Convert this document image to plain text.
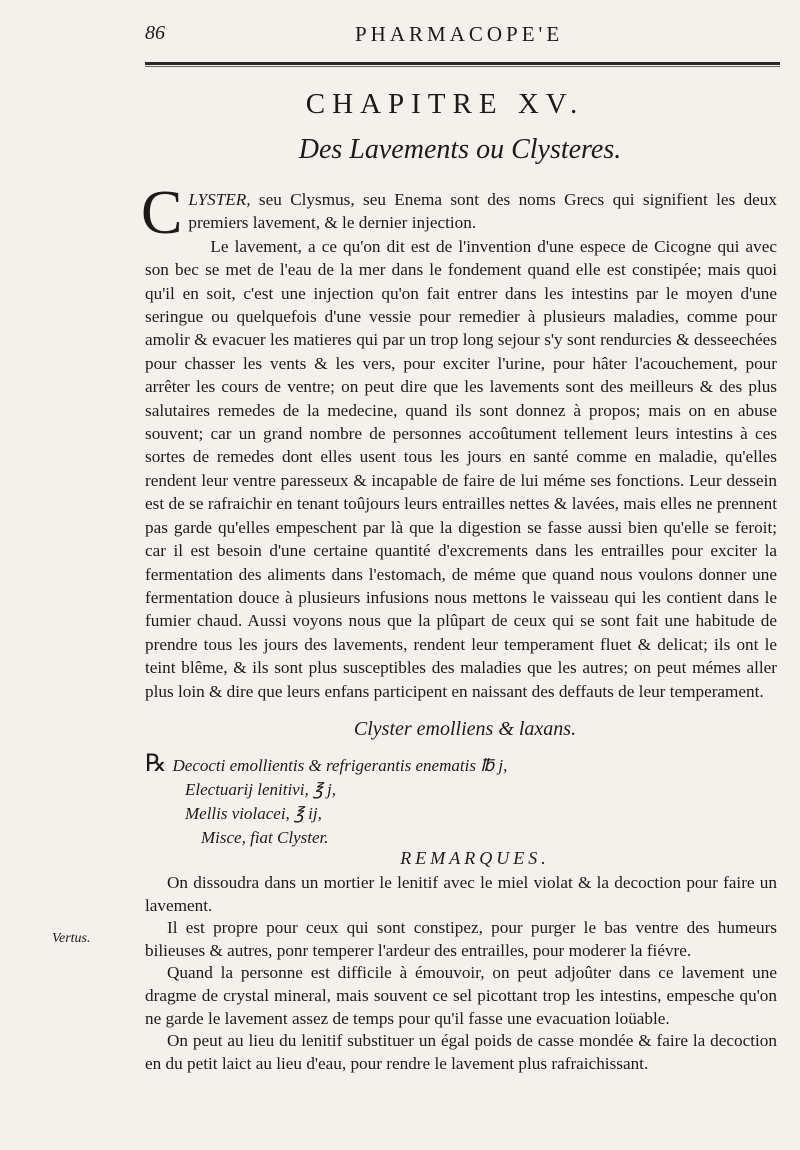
86	PHARMACOPE'E
CHAPITRE XV.
Des Lavements ou Clysteres.

CLYSTER, seu Clysmus, seu Enema sont des noms Grecs qui signifient les deux premiers lavement, & le dernier injection.

Le lavement, a ce qu'on dit est de l'invention d'une espece de Cicogne qui avec son bec se met de l'eau de la mer dans le fondement quand elle est constipée; mais quoi qu'il en soit, c'est une injection qu'on fait entrer dans les intestins par le moyen d'une seringue ou quelquefois d'une vessie pour remedier à plusieurs maladies, comme pour amolir & evacuer les matieres qui par un trop long sejour s'y sont rendurcies & desseechées pour chasser les vents & les vers, pour exciter l'urine, pour hâter l'acouchement, pour arrêter les cours de ventre; on peut dire que les lavements sont des meilleurs & des plus salutaires remedes de la medecine, quand ils sont donnez à propos; mais on en abuse souvent; car un grand nombre de personnes accoûtument tellement leurs intestins à ces sortes de remedes dont elles usent tous les jours en santé comme en maladie, qu'elles rendent leur ventre paresseux & incapable de faire de lui méme ses fonctions. Leur dessein est de se rafraichir en tenant toûjours leurs entrailles nettes & lavées, mais elles ne prennent pas garde qu'elles empeschent par là que la digestion se fasse aussi bien qu'elle se feroit; car il est besoin d'une certaine quantité d'excrements dans les entrailles pour exciter la fermentation des aliments dans l'estomach, de méme que quand nous voulons donner une fermentation douce à plusieurs infusions nous mettons le vaisseau qui les contient dans le fumier chaud. Aussi voyons nous que la plûpart de ceux qui se sont fait une habitude de prendre tous les jours des lavements, rendent leur temperament fluet & delicat; ils ont le teint blême, & ils sont plus susceptibles des maladies que les autres; on peut mémes aller plus loin & dire que leurs enfans participent en naissant des deffauts de leur temperament.

Clyster emolliens & laxans.
℞ Decocti emollientis & refrigerantis enematis ℔ j,
Electuarij lenitivi, ℥ j,
Mellis violacei, ℥ ij,
Misce, fiat Clyster.
REMARQUES.

On dissoudra dans un mortier le lenitif avec le miel violat & la decoction pour faire un lavement.

Il est propre pour ceux qui sont constipez, pour purger le bas ventre des humeurs bilieuses & autres, ponr temperer l'ardeur des entrailles, pour moderer la fiévre.

Quand la personne est difficile à émouvoir, on peut adjoûter dans ce lavement une dragme de crystal mineral, mais souvent ce sel picottant trop les intestins, empesche qu'on ne garde le lavement assez de temps pour qu'il fasse une evacuation loüable.

On peut au lieu du lenitif substituer un égal poids de casse mondée & faire la decoction en du petit laict au lieu d'eau, pour rendre le lavement plus rafraichissant.

Vertus.
